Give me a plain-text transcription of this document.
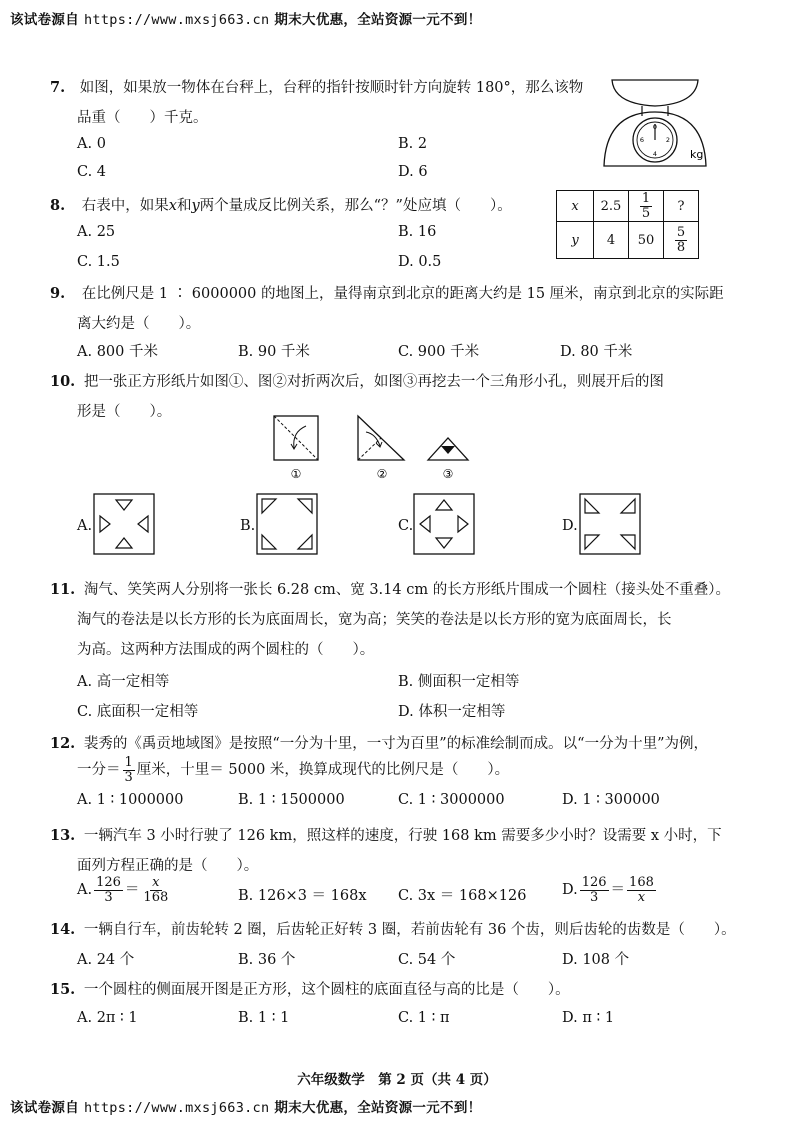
该试卷源自 https://www.mxsj663.cn 期末大优惠，全站资源一元不到！
7. 如图，如果放一物体在台秤上，台秤的指针按顺时针方向旋转 180°，那么该物
品重（　　）千克。
A. 0	B. 2
C. 4	D. 6
0
2
4
6
kg
8. 右表中，如果x和y两个量成反比例关系，那么“？”处应填（　　）。
A. 25	B. 16
C. 1.5	D. 0.5
x	2.5	$\frac{1}{5}$	?
y	4	50	$\frac{5}{8}$
9. 在比例尺是 1 ∶ 6000000 的地图上，量得南京到北京的距离大约是 15 厘米，南京到北京的实际距
离大约是（　　）。
A. 800 千米	B. 90 千米	C. 900 千米	D. 80 千米
10. 把一张正方形纸片如图①、图②对折两次后，如图③再挖去一个三角形小孔，则展开后的图
形是（　　）。
①	②	③
A.	B.	C.	D.
11. 淘气、笑笑两人分别将一张长 6.28 cm、宽 3.14 cm 的长方形纸片围成一个圆柱（接头处不重叠）。
淘气的卷法是以长方形的长为底面周长，宽为高；笑笑的卷法是以长方形的宽为底面周长，长
为高。这两种方法围成的两个圆柱的（　　）。
A. 高一定相等	B. 侧面积一定相等
C. 底面积一定相等	D. 体积一定相等
12. 裴秀的《禹贡地域图》是按照“一分为十里，一寸为百里”的标准绘制而成。以“一分为十里”为例，
一分＝ $\frac{1}{3}$ 厘米，十里＝ 5000 米，换算成现代的比例尺是（　　）。
A. 1 ∶ 1000000	B. 1 ∶ 1500000	C. 1 ∶ 3000000	D. 1 ∶ 300000
13. 一辆汽车 3 小时行驶了 126 km，照这样的速度，行驶 168 km 需要多少小时？设需要 x 小时，下
面列方程正确的是（　　）。
A. $\frac{126}{3} = \frac{x}{168}$	B. 126×3 ＝ 168x C. 3x ＝ 168×126 D. $\frac{126}{3} = \frac{168}{x}$
14. 一辆自行车，前齿轮转 2 圈，后齿轮正好转 3 圈，若前齿轮有 36 个齿，则后齿轮的齿数是（　　）。
A. 24 个	B. 36 个	C. 54 个	D. 108 个
15. 一个圆柱的侧面展开图是正方形，这个圆柱的底面直径与高的比是（　　）。
A. 2π ∶ 1	B. 1 ∶ 1	C. 1 ∶ π	D. π ∶ 1
六年级数学　第 2 页（共 4 页）
该试卷源自 https://www.mxsj663.cn 期末大优惠，全站资源一元不到！
